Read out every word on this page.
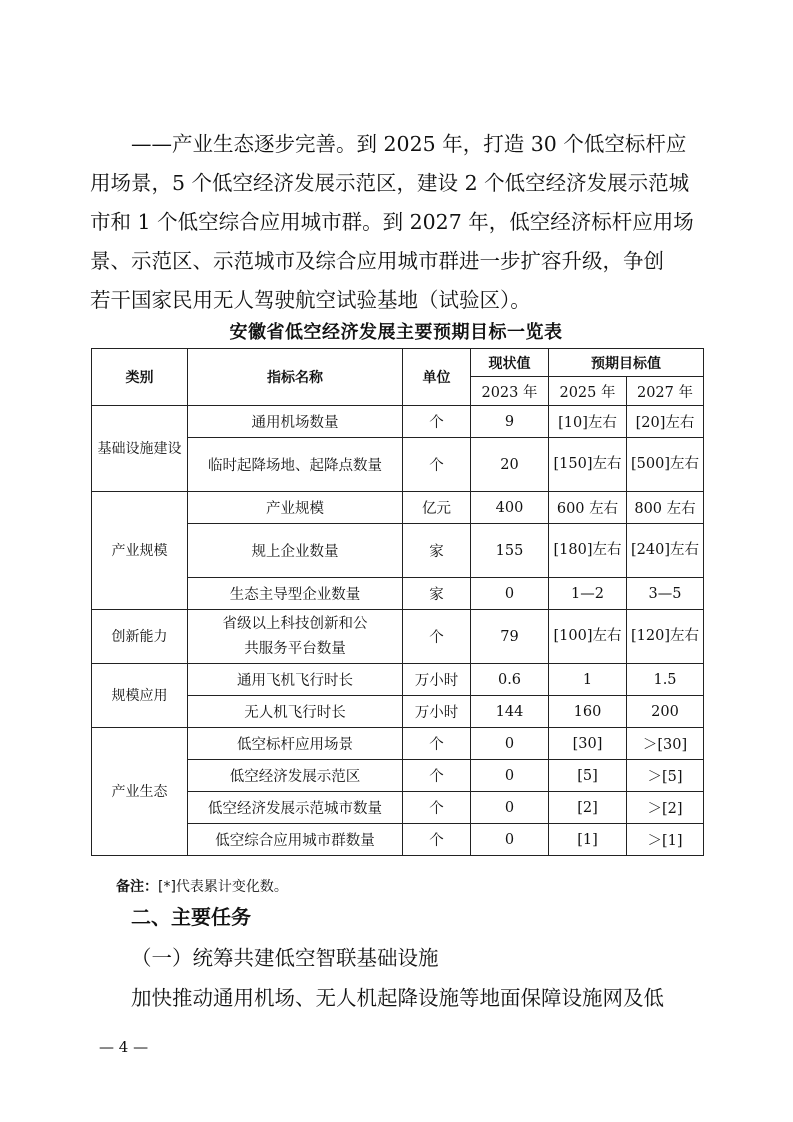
——产业生态逐步完善。到 2025 年，打造 30 个低空标杆应
用场景，5 个低空经济发展示范区，建设 2 个低空经济发展示范城
市和 1 个低空综合应用城市群。到 2027 年，低空经济标杆应用场
景、示范区、示范城市及综合应用城市群进一步扩容升级，争创
若干国家民用无人驾驶航空试验基地（试验区）。
安徽省低空经济发展主要预期目标一览表
类别	指标名称	单位	现状值	预期目标值	
			2023 年	2025 年	2027 年
基础设施建设	通用机场数量	个	9	[10]左右	[20]左右
	临时起降场地、起降点数量	个	20	[150]左右	[500]左右
产业规模	产业规模	亿元	400	600 左右	800 左右
	规上企业数量	家	155	[180]左右	[240]左右
	生态主导型企业数量	家	0	1—2	3—5
创新能力	省级以上科技创新和公共服务平台数量	个	79	[100]左右	[120]左右
规模应用	通用飞机飞行时长	万小时	0.6	1	1.5
	无人机飞行时长	万小时	144	160	200
产业生态	低空标杆应用场景	个	0	[30]	＞[30]
	低空经济发展示范区	个	0	[5]	＞[5]
	低空经济发展示范城市数量	个	0	[2]	＞[2]
	低空综合应用城市群数量	个	0	[1]	＞[1]
备注：[*]代表累计变化数。
二、主要任务
（一）统筹共建低空智联基础设施
加快推动通用机场、无人机起降设施等地面保障设施网及低
— 4 —
